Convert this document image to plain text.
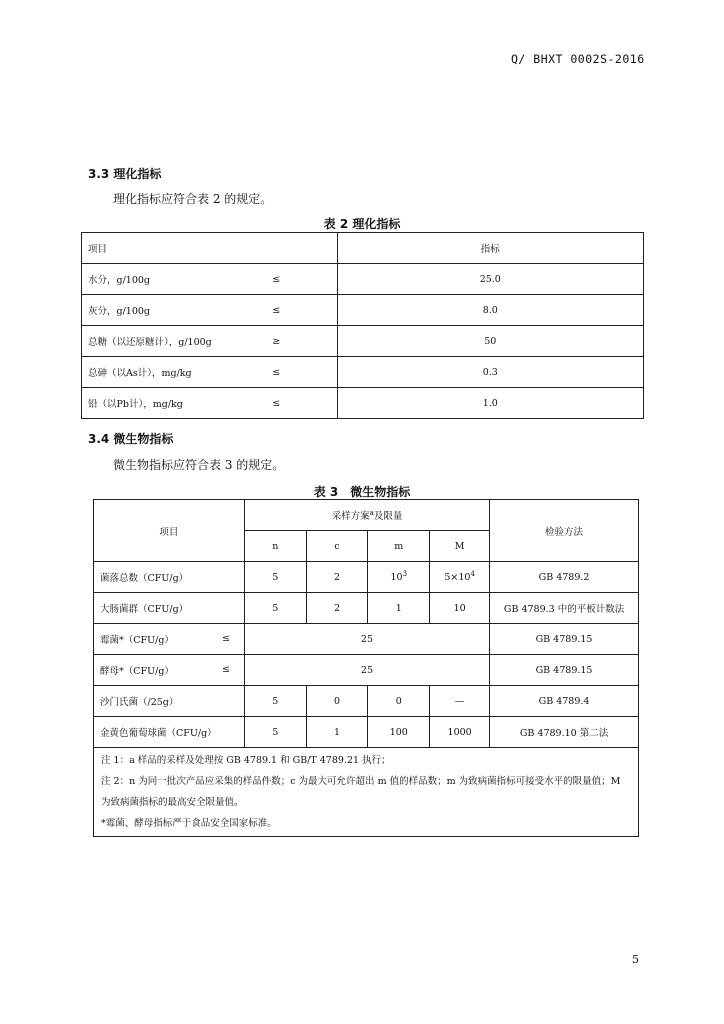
Q/ BHXT 0002S-2016
3.3 理化指标
理化指标应符合表 2 的规定。
表 2 理化指标
项目		指标
水分，g/100g	≤	25.0
灰分，g/100g	≤	8.0
总糖（以还原糖计），g/100g	≥	50
总砷（以As计），mg/kg	≤	0.3
铅（以Pb计），mg/kg	≤	1.0
3.4 微生物指标
微生物指标应符合表 3 的规定。
表 3　微生物指标
项目	采样方案$^a$及限量				检验方法
	n	c	m	M	
菌落总数（CFU/g）	5	2	$10^3$	$5\times 10^4$	GB 4789.2
大肠菌群（CFU/g）	5	2	1	10	GB 4789.3 中的平板计数法
霉菌*（CFU/g） ≤	25				GB 4789.15
酵母*（CFU/g） ≤	25				GB 4789.15
沙门氏菌（/25g）	5	0	0	—	GB 4789.4
金黄色葡萄球菌（CFU/g）	5	1	100	1000	GB 4789.10 第二法

注 1：a 样品的采样及处理按 GB 4789.1 和 GB/T 4789.21 执行；
注 2：n 为同一批次产品应采集的样品件数；c 为最大可允许超出 m 值的样品数；m 为致病菌指标可接受水平的限量值；M 为致病菌指标的最高安全限量值。
*霉菌、酵母指标严于食品安全国家标准。					
5
